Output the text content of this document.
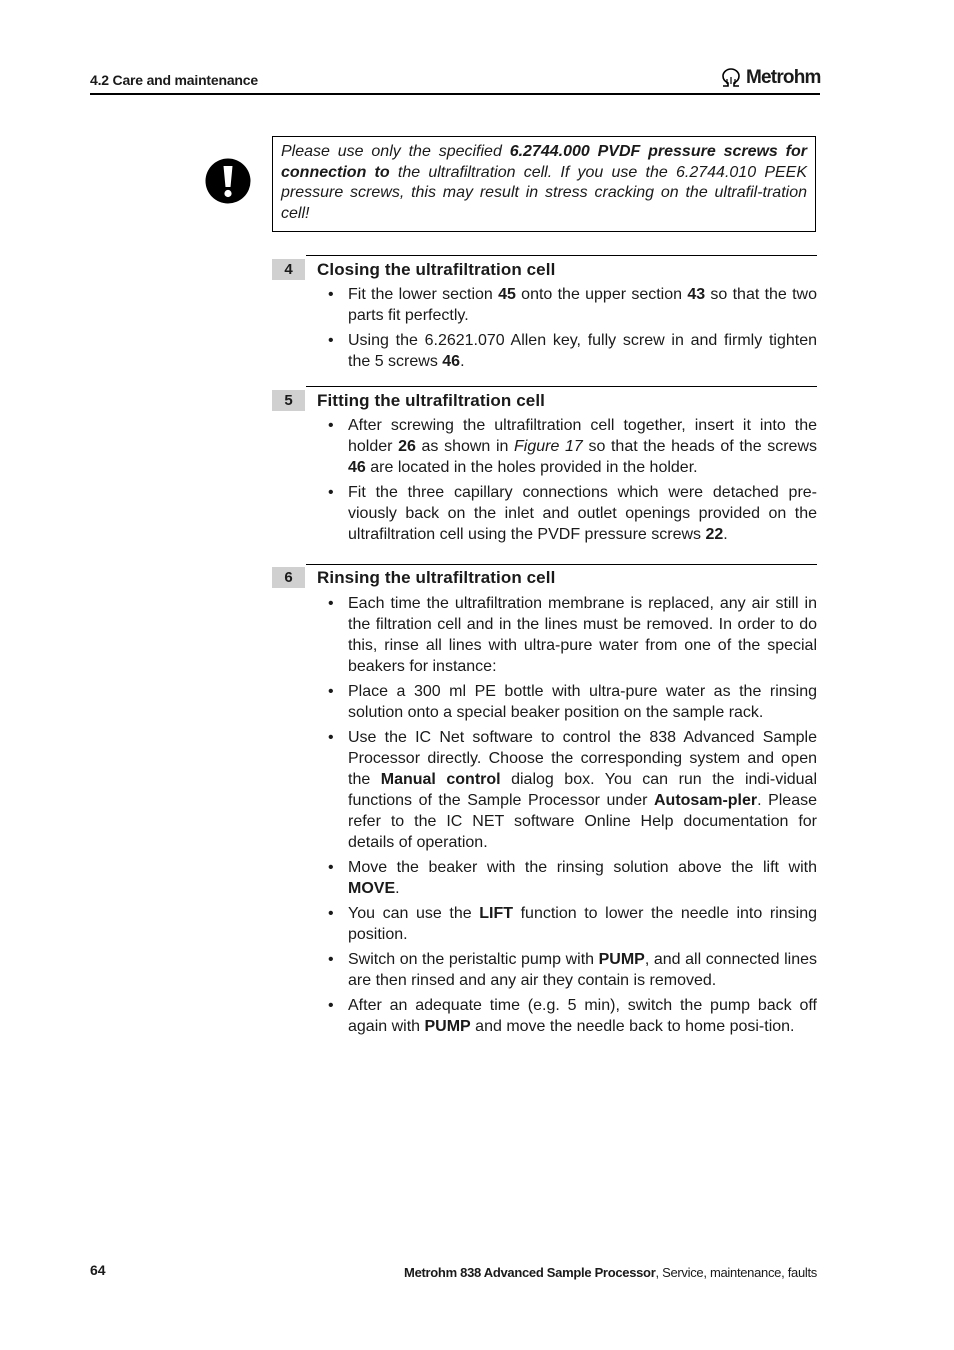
4.2 Care and maintenance	Metrohm
Please use only the specified 6.2744.000 PVDF pressure screws for connection to the ultrafiltration cell. If you use the 6.2744.010 PEEK pressure screws, this may result in stress cracking on the ultrafil-tration cell!
4	Closing the ultrafiltration cell
• Fit the lower section 45 onto the upper section 43 so that the two parts fit perfectly.
• Using the 6.2621.070 Allen key, fully screw in and firmly tighten the 5 screws 46.
5	Fitting the ultrafiltration cell
• After screwing the ultrafiltration cell together, insert it into the holder 26 as shown in Figure 17 so that the heads of the screws 46 are located in the holes provided in the holder.
• Fit the three capillary connections which were detached pre-viously back on the inlet and outlet openings provided on the ultrafiltration cell using the PVDF pressure screws 22.
6	Rinsing the ultrafiltration cell
• Each time the ultrafiltration membrane is replaced, any air still in the filtration cell and in the lines must be removed. In order to do this, rinse all lines with ultra-pure water from one of the special beakers for instance:
• Place a 300 ml PE bottle with ultra-pure water as the rinsing solution onto a special beaker position on the sample rack.
• Use the IC Net software to control the 838 Advanced Sample Processor directly. Choose the corresponding system and open the Manual control dialog box. You can run the indi-vidual functions of the Sample Processor under Autosam-pler. Please refer to the IC NET software Online Help documentation for details of operation.
• Move the beaker with the rinsing solution above the lift with MOVE.
• You can use the LIFT function to lower the needle into rinsing position.
• Switch on the peristaltic pump with PUMP, and all connected lines are then rinsed and any air they contain is removed.
• After an adequate time (e.g. 5 min), switch the pump back off again with PUMP and move the needle back to home posi-tion.
64	Metrohm 838 Advanced Sample Processor, Service, maintenance, faults
